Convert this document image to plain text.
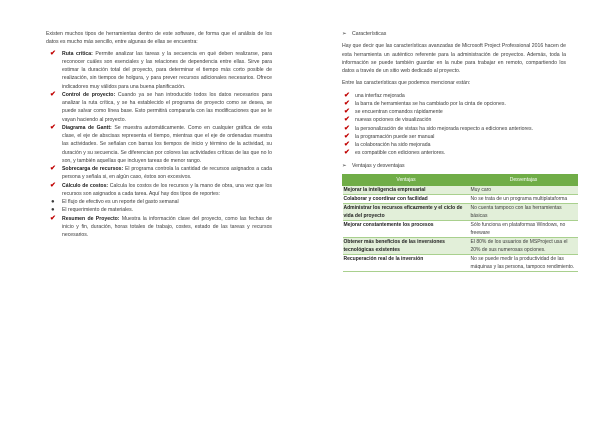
Existen muchos tipos de herramientas dentro de este software, de forma que el análisis de los datos es mucho más sencillo, entre algunas de ellas se encuentra:

✔ Ruta crítica: Permite analizar las tareas y la secuencia en qué deben realizarse, para reconocer cuáles son esenciales y las relaciones de dependencia entre ellas. Sirve para estimar la duración total del proyecto, para determinar el tiempo más corto posible de realización, sin tiempos de holgura, y para prever recursos adicionales necesarios. Ofrece indicadores muy válidos para una buena planificación.
✔ Control de proyecto: Cuando ya se han introducido todos los datos necesarios para analizar la ruta crítica, y se ha establecido el programa de proyecto como se desea, se puede salvar como línea base. Esto permitirá compararla con las modificaciones que se le vayan haciendo al proyecto.
✔ Diagrama de Gantt: Se muestra automáticamente. Como en cualquier gráfica de esta clase, el eje de abscisas representa el tiempo, mientras que el eje de ordenadas muestra las actividades. Se señalan con barras los tiempos de inicio y término de la actividad, su duración y su secuencia. Se diferencian por colores las actividades críticas de las que no lo son, y también aquellas que incluyen tareas de menor rango.
✔ Sobrecarga de recursos: El programa controla la cantidad de recursos asignados a cada persona y señala si, en algún caso, éstos son excesivos.
✔ Cálculo de costos: Calcula los costos de los recursos y la mano de obra, una vez que los recursos son asignados a cada tarea. Aquí hay dos tipos de reportes:
● El flujo de efectivo es un reporte del gasto semanal
● El requerimiento de materiales.
✔ Resumen de Proyecto: Muestra la información clave del proyecto, como las fechas de inicio y fin, duración, horas totales de trabajo, costes, estado de las tareas y recursos necesarios.
➢ Características

Hay que decir que las características avanzadas de Microsoft Project Professional 2016 hacen de esta herramienta un auténtico referente para la administración de proyectos. Además, toda la información se puede también guardar en la nube para trabajar en remoto, compartiendo los datos a través de un sitio web dedicado al proyecto.

Entre las características que podemos mencionar están:

✔ una interfaz mejorada
✔ la barra de herramientas se ha cambiado por la cinta de opciones.
✔ se encuentran comandos rápidamente
✔ nuevas opciones de visualización
✔ la personalización de vistas ha sido mejorada respecto a ediciones anteriores.
✔ la programación puede ser manual
✔ la colaboración ha sido mejorada
✔ es compatible con ediciones anteriores.
➢ Ventajas y desventajas
Ventajas	Desventajas
Mejorar la inteligencia empresarial	Muy caro
Colaborar y coordinar con facilidad	No se trata de un programa multiplataforma
Administrar los recursos eficazmente y el ciclo de vida del proyecto	No cuenta tampoco con las herramientas básicas
Mejorar constantemente los procesos	Sólo funciona en plataformas Windows, no freeware
Obtener más beneficios de las inversiones tecnológicas existentes	El 80% de los usuarios de MSProject usa el 20% de sus numerosas opciones.
Recuperación real de la inversión	No se puede medir la productividad de las máquinas y las persona, tampoco rendimiento.
